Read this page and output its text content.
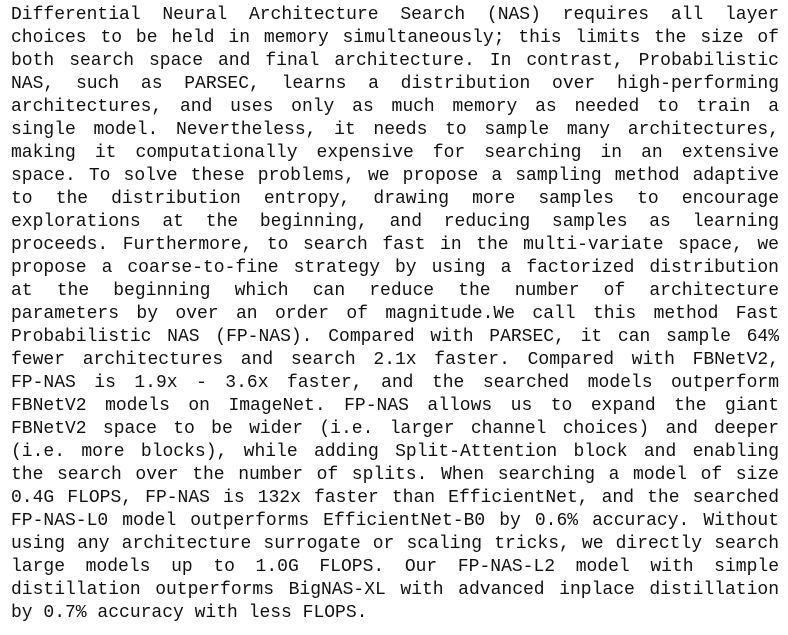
Differential Neural Architecture Search (NAS) requires all layer
choices to be held in memory simultaneously; this limits the size of
both search space and final architecture. In contrast, Probabilistic
NAS, such as PARSEC, learns a distribution over high-performing
architectures, and uses only as much memory as needed to train a
single model. Nevertheless, it needs to sample many architectures,
making it computationally expensive for searching in an extensive
space. To solve these problems, we propose a sampling method adaptive
to the distribution entropy, drawing more samples to encourage
explorations at the beginning, and reducing samples as learning
proceeds. Furthermore, to search fast in the multi-variate space, we
propose a coarse-to-fine strategy by using a factorized distribution
at the beginning which can reduce the number of architecture
parameters by over an order of magnitude.We call this method Fast
Probabilistic NAS (FP-NAS). Compared with PARSEC, it can sample 64%
fewer architectures and search 2.1x faster. Compared with FBNetV2,
FP-NAS is 1.9x - 3.6x faster, and the searched models outperform
FBNetV2 models on ImageNet. FP-NAS allows us to expand the giant
FBNetV2 space to be wider (i.e. larger channel choices) and deeper
(i.e. more blocks), while adding Split-Attention block and enabling
the search over the number of splits. When searching a model of size
0.4G FLOPS, FP-NAS is 132x faster than EfficientNet, and the searched
FP-NAS-L0 model outperforms EfficientNet-B0 by 0.6% accuracy. Without
using any architecture surrogate or scaling tricks, we directly search
large models up to 1.0G FLOPS. Our FP-NAS-L2 model with simple
distillation outperforms BigNAS-XL with advanced inplace distillation
by 0.7% accuracy with less FLOPS.
